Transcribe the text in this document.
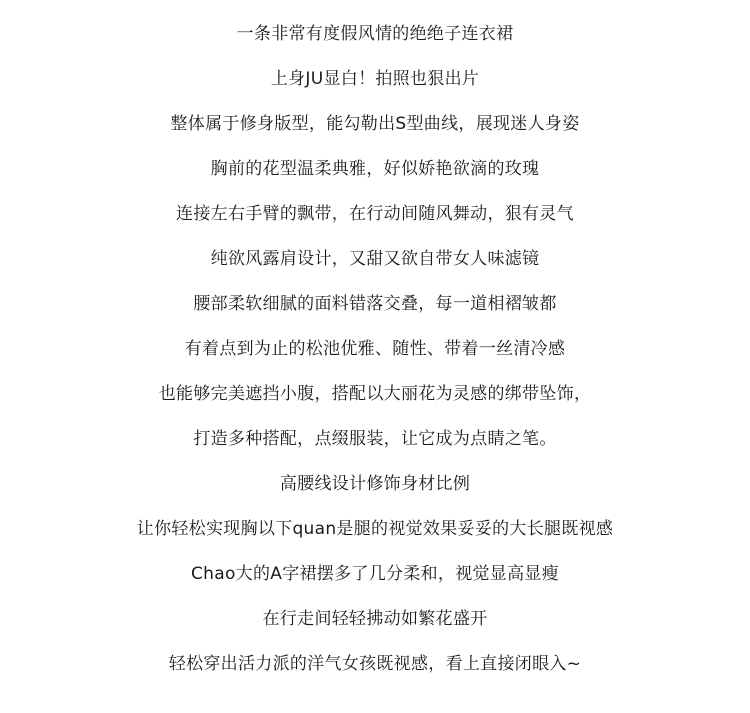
一条非常有度假风情的绝绝子连衣裙
上身JU显白！拍照也狠出片
整体属于修身版型，能勾勒出S型曲线，展现迷人身姿
胸前的花型温柔典雅，好似娇艳欲滴的玫瑰
连接左右手臂的飘带，在行动间随风舞动，狠有灵气
纯欲风露肩设计，又甜又欲自带女人味滤镜
腰部柔软细腻的面料错落交叠，每一道相褶皱都
有着点到为止的松池优雅、随性、带着一丝清冷感
也能够完美遮挡小腹，搭配以大丽花为灵感的绑带坠饰，
打造多种搭配，点缀服装，让它成为点睛之笔。
高腰线设计修饰身材比例
让你轻松实现胸以下quan是腿的视觉效果妥妥的大长腿既视感
Chao大的A字裙摆多了几分柔和，视觉显高显瘦
在行走间轻轻拂动如繁花盛开
轻松穿出活力派的洋气女孩既视感，看上直接闭眼入~
